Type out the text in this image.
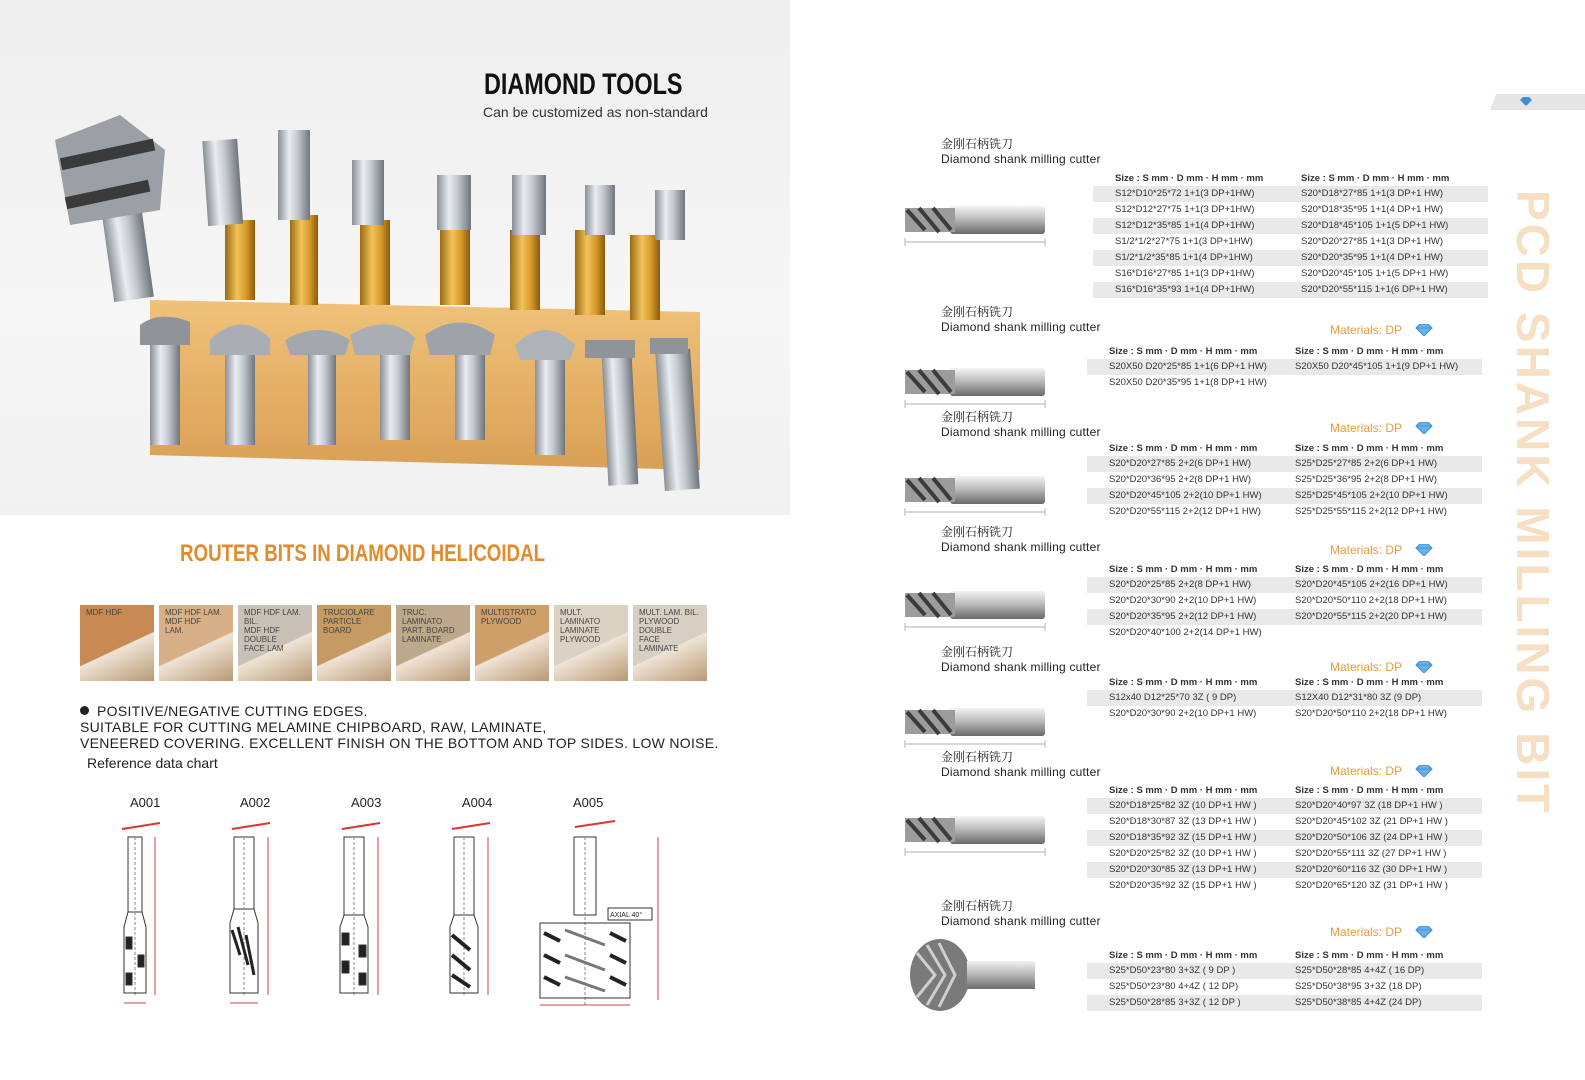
DIAMOND TOOLS
Can be customized as non-standard
ROUTER BITS IN DIAMOND HELICOIDAL
MDF HDF	MDF HDF LAM.
MDF HDF
LAM.
MDF HDF LAM. BIL.
MDF HDF DOUBLE
FACE LAM
TRUCIOLARE
PARTICLE
BOARD
TRUC. LAMINATO
PART. BOARD
LAMINATE
MULTISTRATO
PLYWOOD
MULT. LAMINATO
LAMINATE
PLYWOOD
MULT. LAM. BIL.
PLYWOOD DOUBLE
FACE LAMINATE
POSITIVE/NEGATIVE CUTTING EDGES.
SUITABLE FOR CUTTING MELAMINE CHIPBOARD, RAW, LAMINATE,
VENEERED COVERING. EXCELLENT FINISH ON THE BOTTOM AND TOP SIDES. LOW NOISE.
Reference data chart
A001	A002	A003	A004	A005
AXIAL 40°
PCD SHANK MILLING BIT
金刚石柄铣刀
Diamond shank milling cutter
金刚石柄铣刀
Diamond shank milling cutter
金刚石柄铣刀
Diamond shank milling cutter
金刚石柄铣刀
Diamond shank milling cutter
金刚石柄铣刀
Diamond shank milling cutter
金刚石柄铣刀
Diamond shank milling cutter
金刚石柄铣刀
Diamond shank milling cutter
Size : S mm · D mm · H mm · mm	Size : S mm · D mm · H mm · mm
S12*D10*25*72 1+1(3 DP+1HW)	S20*D18*27*85 1+1(3 DP+1 HW)
S12*D12*27*75 1+1(3 DP+1HW)	S20*D18*35*95 1+1(4 DP+1 HW)
S12*D12*35*85 1+1(4 DP+1HW)	S20*D18*45*105 1+1(5 DP+1 HW)
S1/2*1/2*27*75 1+1(3 DP+1HW)	S20*D20*27*85 1+1(3 DP+1 HW)
S1/2*1/2*35*85 1+1(4 DP+1HW)	S20*D20*35*95 1+1(4 DP+1 HW)
S16*D16*27*85 1+1(3 DP+1HW)	S20*D20*45*105 1+1(5 DP+1 HW)
S16*D16*35*93 1+1(4 DP+1HW)	S20*D20*55*115 1+1(6 DP+1 HW)
Materials: DP
Size : S mm · D mm · H mm · mm	Size : S mm · D mm · H mm · mm
S20X50 D20*25*85 1+1(6 DP+1 HW)	S20X50 D20*45*105 1+1(9 DP+1 HW)
S20X50 D20*35*95 1+1(8 DP+1 HW)
Materials: DP
Size : S mm · D mm · H mm · mm	Size : S mm · D mm · H mm · mm
S20*D20*27*85 2+2(6 DP+1 HW)	S25*D25*27*85 2+2(6 DP+1 HW)
S20*D20*36*95 2+2(8 DP+1 HW)	S25*D25*36*95 2+2(8 DP+1 HW)
S20*D20*45*105 2+2(10 DP+1 HW)	S25*D25*45*105 2+2(10 DP+1 HW)
S20*D20*55*115 2+2(12 DP+1 HW)	S25*D25*55*115 2+2(12 DP+1 HW)
Materials: DP
Size : S mm · D mm · H mm · mm	Size : S mm · D mm · H mm · mm
S20*D20*25*85 2+2(8 DP+1 HW)	S20*D20*45*105 2+2(16 DP+1 HW)
S20*D20*30*90 2+2(10 DP+1 HW)	S20*D20*50*110 2+2(18 DP+1 HW)
S20*D20*35*95 2+2(12 DP+1 HW)	S20*D20*55*115 2+2(20 DP+1 HW)
S20*D20*40*100 2+2(14 DP+1 HW)
Materials: DP
Size : S mm · D mm · H mm · mm	Size : S mm · D mm · H mm · mm
S12x40 D12*25*70 3Z ( 9 DP)	S12X40 D12*31*80 3Z (9 DP)
S20*D20*30*90 2+2(10 DP+1 HW)	S20*D20*50*110 2+2(18 DP+1 HW)
Materials: DP
Size : S mm · D mm · H mm · mm	Size : S mm · D mm · H mm · mm
S20*D18*25*82 3Z (10 DP+1 HW )	S20*D20*40*97 3Z (18 DP+1 HW )
S20*D18*30*87 3Z (13 DP+1 HW )	S20*D20*45*102 3Z (21 DP+1 HW )
S20*D18*35*92 3Z (15 DP+1 HW )	S20*D20*50*106 3Z (24 DP+1 HW )
S20*D20*25*82 3Z (10 DP+1 HW )	S20*D20*55*111 3Z (27 DP+1 HW )
S20*D20*30*85 3Z (13 DP+1 HW )	S20*D20*60*116 3Z (30 DP+1 HW )
S20*D20*35*92 3Z (15 DP+1 HW )	S20*D20*65*120 3Z (31 DP+1 HW )
Materials: DP
Size : S mm · D mm · H mm · mm	Size : S mm · D mm · H mm · mm
S25*D50*23*80 3+3Z ( 9 DP )	S25*D50*28*85 4+4Z ( 16 DP)
S25*D50*23*80 4+4Z ( 12 DP)	S25*D50*38*95 3+3Z (18 DP)
S25*D50*28*85 3+3Z ( 12 DP )	S25*D50*38*85 4+4Z (24 DP)
